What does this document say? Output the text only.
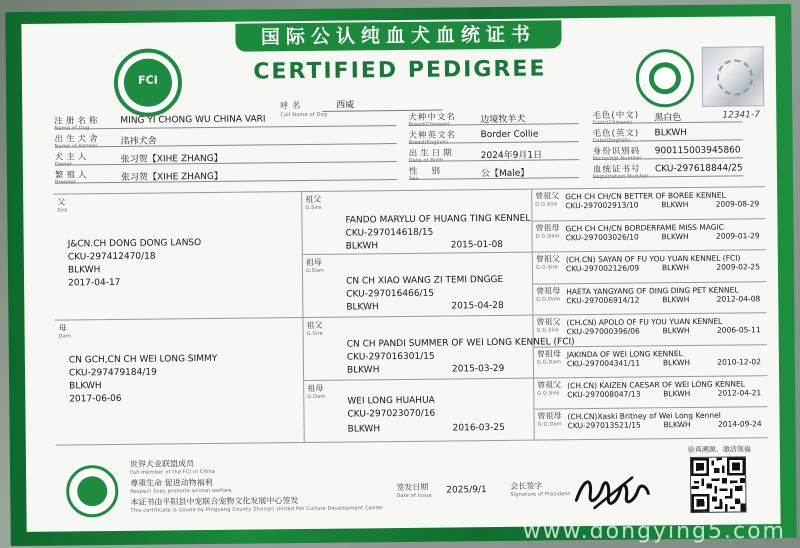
国际公认纯血犬血统证书
CERTIFIED PEDIGREE
FCI
12341-7
呼名
Call Name of Dog
西威
注册名称
Name of Dog
MING YI CHONG WU CHINA VARI
出生犬舍
Name of Kennel	洺祎犬舍
犬主人
Owner	张习贺【XIHE ZHANG】
繁殖人
Breeder	张习贺【XIHE ZHANG】
犬种中文名
Breed(Chinese)	边境牧羊犬
犬种英文名
Breed(English)
Border Collie
出生日期
Date of Birth	2024年9月1日
性别
Sex	公【Male】
毛色(中文)
Color(Chinese)	黑白色
毛色(英文)
Color(English)
BLKWH
身份识别码
Microchip Number
900115003945860
血统证书号
Registration Number
CKU-297618844/25
父
Sire
J&CN.CH DONG DONG LANSO
CKU-297412470/18
BLKWH
2017-04-17
母
Dam
CN GCH,CN CH WEI LONG SIMMY
CKU-297479184/19
BLKWH
2017-06-06
祖父
G.Sire
FANDO MARYLU OF HUANG TING KENNEL
CKU-297014618/15
BLKWH	2015-01-08
祖母
G.Dam
CN CH XIAO WANG ZI TEMI DNGGE
CKU-297016466/15
BLKWH	2015-04-28
祖父
G.Sire
CN CH PANDI SUMMER OF WEI LONG KENNEL (FCI)
CKU-297016301/15
BLKWH	2015-03-29
祖母
G.Dam WEI LONG HUAHUA
CKU-297023070/16
BLKWH	2016-03-25
曾祖父
G.G.Sire
GCH CH CH/CN BETTER OF BOREE KENNEL
CKU-297002913/10	BLKWH	2009-08-29
曾祖母
G.G.Dam
GCH CH CH/CN BORDERFAME MISS MAGIC
CKU-297003026/10	BLKWH	2009-01-29
曾祖父
G.G.Sire
(CH.CN) SAYAN OF FU YOU YUAN KENNEL (FCI)
CKU-297002126/09	BLKWH	2009-02-25
曾祖母
G.G.Dam
HAETA YANGYANG OF DING DING PET KENNEL
CKU-297006914/12	BLKWH	2012-04-08
曾祖父
G.G.Sire
(CH.CN) APOLO OF FU YOU YUAN KENNEL
CKU-297000396/06	BLKWH	2006-05-11
曾祖母
G.G.Dam
JAKINDA OF WEI LONG KENNEL
CKU-297004341/11	BLKWH	2010-12-02
曾祖父
G.G.Sire
(CH.CN) KAIZEN CAESAR OF WEI LONG KENNEL
CKU-297008047/13	BLKWH	2012-04-21
曾祖母
G.G.Dam
(CH.CN)Xaski Britney of Wei Long Kennel
CKU-297013521/15	BLKWH	2014-09-24
世界犬业联盟成员
Full member of the FCI in China
尊重生命 促进动物福利
Respect lives promote animal welfare
本证书由平阳县中宠联合宠物文化发展中心签发
This certificate is issued by Pingyang County Zhongci United Pet Culture Development Center
签发日期
Date of Issue
2025/9/1	会长签字
Signature of President
验真溯源、激活领福
www.dongying5.com
